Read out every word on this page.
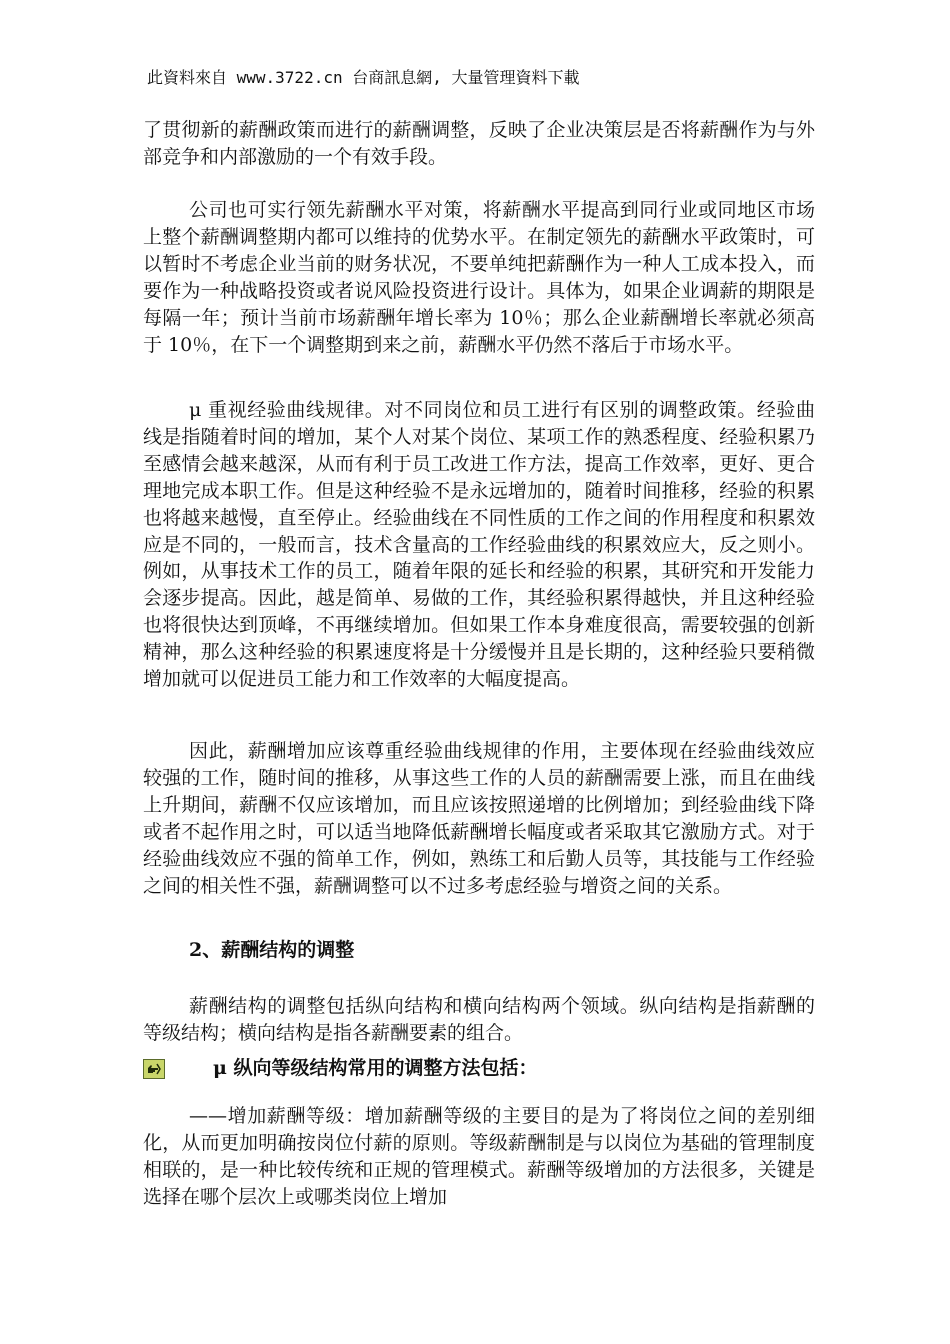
此資料來自 www.3722.cn 台商訊息網, 大量管理資料下載
了贯彻新的薪酬政策而进行的薪酬调整，反映了企业决策层是否将薪酬作为与外部竞争和内部激励的一个有效手段。
公司也可实行领先薪酬水平对策，将薪酬水平提高到同行业或同地区市场上整个薪酬调整期内都可以维持的优势水平。在制定领先的薪酬水平政策时，可以暂时不考虑企业当前的财务状况，不要单纯把薪酬作为一种人工成本投入，而要作为一种战略投资或者说风险投资进行设计。具体为，如果企业调薪的期限是每隔一年；预计当前市场薪酬年增长率为 10％；那么企业薪酬增长率就必须高于 10％，在下一个调整期到来之前，薪酬水平仍然不落后于市场水平。
μ 重视经验曲线规律。对不同岗位和员工进行有区别的调整政策。经验曲线是指随着时间的增加，某个人对某个岗位、某项工作的熟悉程度、经验积累乃至感情会越来越深，从而有利于员工改进工作方法，提高工作效率，更好、更合理地完成本职工作。但是这种经验不是永远增加的，随着时间推移，经验的积累也将越来越慢，直至停止。经验曲线在不同性质的工作之间的作用程度和积累效应是不同的，一般而言，技术含量高的工作经验曲线的积累效应大，反之则小。例如，从事技术工作的员工，随着年限的延长和经验的积累，其研究和开发能力会逐步提高。因此，越是简单、易做的工作，其经验积累得越快，并且这种经验也将很快达到顶峰，不再继续增加。但如果工作本身难度很高，需要较强的创新精神，那么这种经验的积累速度将是十分缓慢并且是长期的，这种经验只要稍微增加就可以促进员工能力和工作效率的大幅度提高。
因此，薪酬增加应该尊重经验曲线规律的作用，主要体现在经验曲线效应较强的工作，随时间的推移，从事这些工作的人员的薪酬需要上涨，而且在曲线上升期间，薪酬不仅应该增加，而且应该按照递增的比例增加；到经验曲线下降或者不起作用之时，可以适当地降低薪酬增长幅度或者采取其它激励方式。对于经验曲线效应不强的简单工作，例如，熟练工和后勤人员等，其技能与工作经验之间的相关性不强，薪酬调整可以不过多考虑经验与增资之间的关系。
2、薪酬结构的调整
薪酬结构的调整包括纵向结构和横向结构两个领域。纵向结构是指薪酬的等级结构；横向结构是指各薪酬要素的组合。
μ 纵向等级结构常用的调整方法包括：
——增加薪酬等级：增加薪酬等级的主要目的是为了将岗位之间的差别细化，从而更加明确按岗位付薪的原则。等级薪酬制是与以岗位为基础的管理制度相联的，是一种比较传统和正规的管理模式。薪酬等级增加的方法很多，关键是选择在哪个层次上或哪类岗位上增加
